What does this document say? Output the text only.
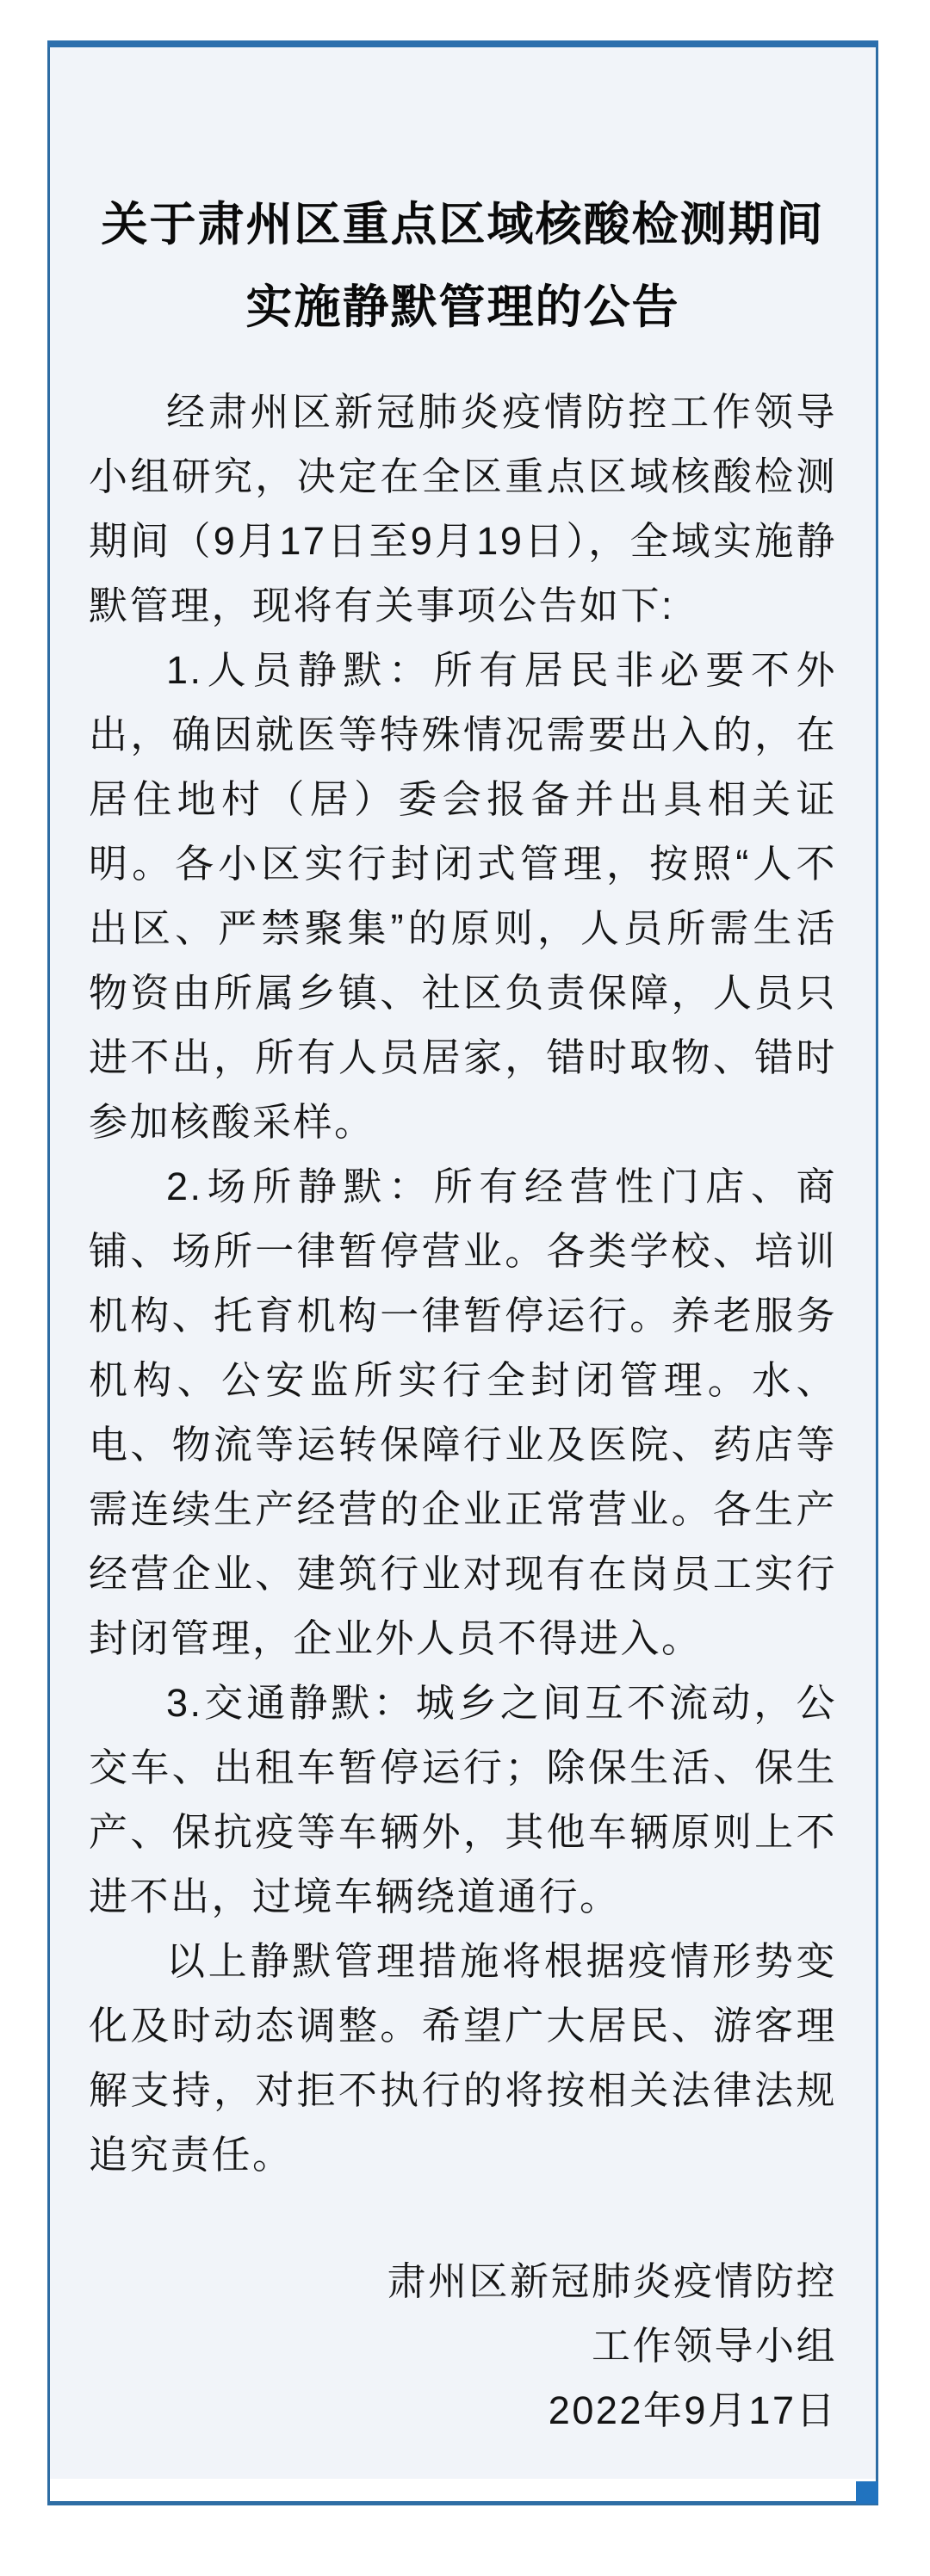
关于肃州区重点区域核酸检测期间
实施静默管理的公告

经肃州区新冠肺炎疫情防控工作领导小组研究，决定在全区重点区域核酸检测期间（9月17日至9月19日），全域实施静默管理，现将有关事项公告如下:

1.人员静默：所有居民非必要不外出，确因就医等特殊情况需要出入的，在居住地村（居）委会报备并出具相关证明。各小区实行封闭式管理，按照“人不出区、严禁聚集”的原则，人员所需生活物资由所属乡镇、社区负责保障，人员只进不出，所有人员居家，错时取物、错时参加核酸采样。

2.场所静默：所有经营性门店、商铺、场所一律暂停营业。各类学校、培训机构、托育机构一律暂停运行。养老服务机构、公安监所实行全封闭管理。水、电、物流等运转保障行业及医院、药店等需连续生产经营的企业正常营业。各生产经营企业、建筑行业对现有在岗员工实行封闭管理，企业外人员不得进入。

3.交通静默：城乡之间互不流动，公交车、出租车暂停运行；除保生活、保生产、保抗疫等车辆外，其他车辆原则上不进不出，过境车辆绕道通行。

以上静默管理措施将根据疫情形势变化及时动态调整。希望广大居民、游客理解支持，对拒不执行的将按相关法律法规追究责任。

肃州区新冠肺炎疫情防控
工作领导小组
2022年9月17日
